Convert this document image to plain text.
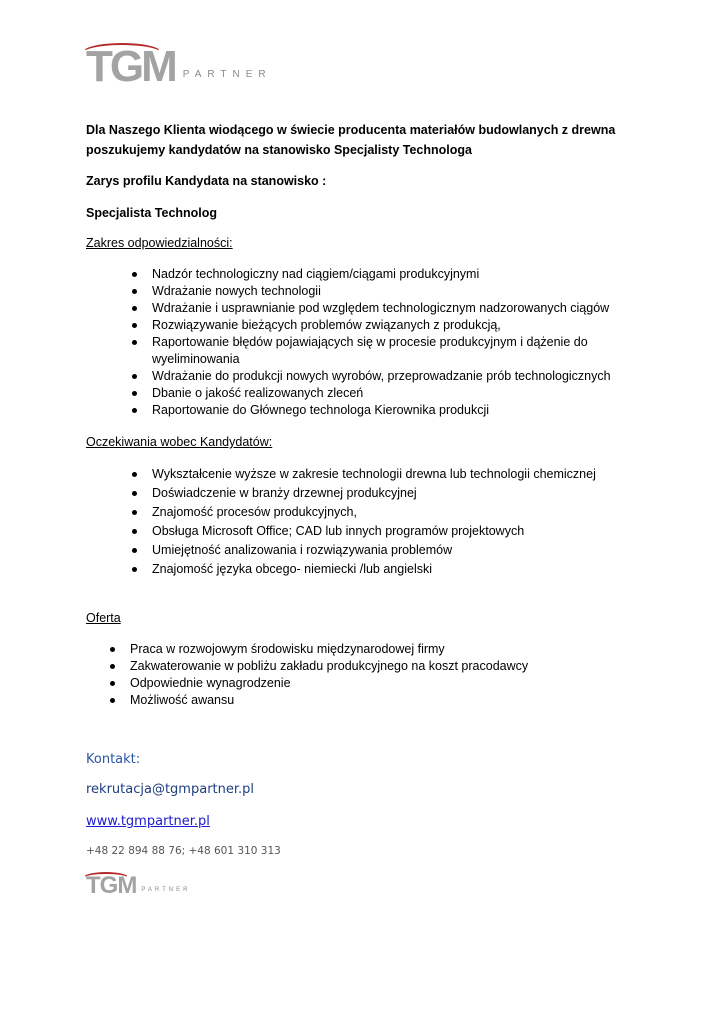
TGM PARTNER
Dla Naszego Klienta wiodącego w świecie producenta materiałów budowlanych z drewna
poszukujemy kandydatów na stanowisko Specjalisty Technologa
Zarys profilu Kandydata na stanowisko :
Specjalista Technolog
Zakres odpowiedzialności:
Nadzór technologiczny nad ciągiem/ciągami produkcyjnymi
Wdrażanie nowych technologii
Wdrażanie i usprawnianie pod względem technologicznym nadzorowanych ciągów
Rozwiązywanie bieżących problemów związanych z produkcją,
Raportowanie błędów pojawiających się w procesie produkcyjnym i dążenie do wyeliminowania
Wdrażanie do produkcji nowych wyrobów, przeprowadzanie prób technologicznych
Dbanie o jakość realizowanych zleceń
Raportowanie do Głównego technologa Kierownika produkcji
Oczekiwania wobec Kandydatów:
Wykształcenie wyższe w zakresie technologii drewna lub technologii chemicznej
Doświadczenie w branży drzewnej produkcyjnej
Znajomość procesów produkcyjnych,
Obsługa Microsoft Office; CAD lub innych programów projektowych
Umiejętność analizowania i rozwiązywania problemów
Znajomość języka obcego- niemiecki /lub angielski
Oferta
Praca w rozwojowym środowisku międzynarodowej firmy
Zakwaterowanie w pobliżu zakładu produkcyjnego na koszt pracodawcy
Odpowiednie wynagrodzenie
Możliwość awansu
Kontakt:
rekrutacja@tgmpartner.pl
www.tgmpartner.pl
+48 22 894 88 76; +48 601 310 313
TGM PARTNER
